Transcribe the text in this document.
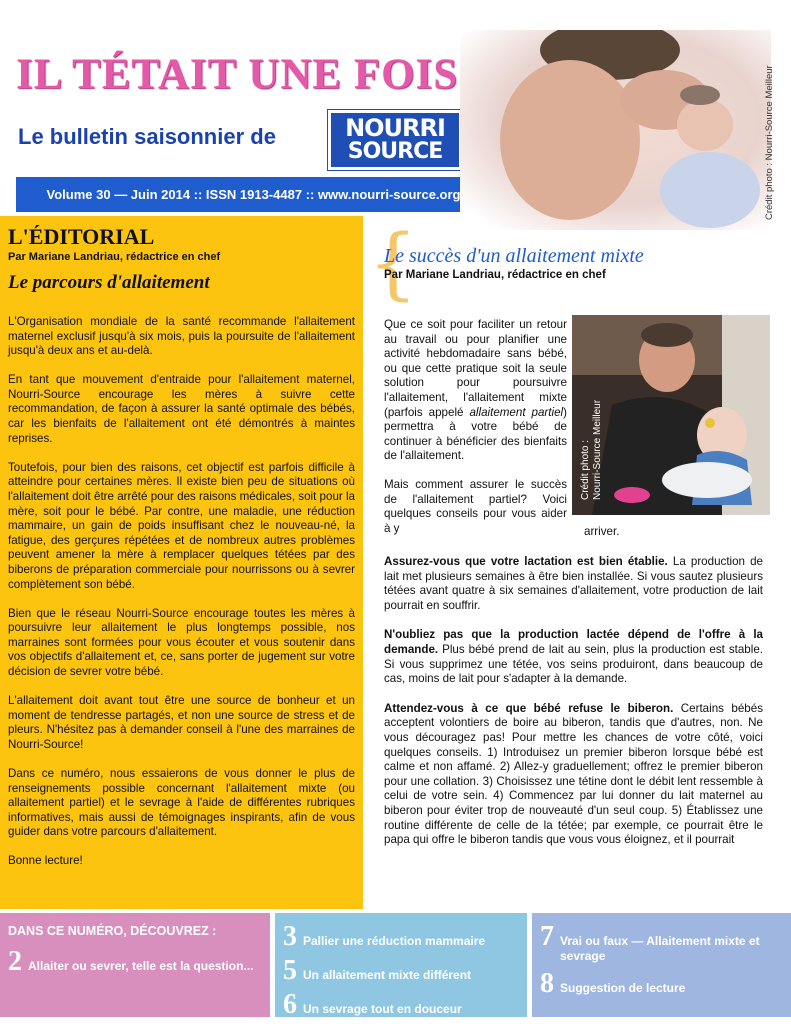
IL TÉTAIT UNE FOIS
Le bulletin saisonnier de	NOURRI
SOURCE
Volume 30 — Juin 2014 :: ISSN 1913-4487 :: www.nourri-source.org	Crédit photo : Nourri-Source Meilleur
L'ÉDITORIAL
Par Mariane Landriau, rédactrice en chef
Le parcours d'allaitement

L'Organisation mondiale de la santé recommande l'allaitement maternel exclusif jusqu'à six mois, puis la poursuite de l'allaitement jusqu'à deux ans et au-delà.

En tant que mouvement d'entraide pour l'allaitement maternel, Nourri-Source encourage les mères à suivre cette recommandation, de façon à assurer la santé optimale des bébés, car les bienfaits de l'allaitement ont été démontrés à maintes reprises.

Toutefois, pour bien des raisons, cet objectif est parfois difficile à atteindre pour certaines mères. Il existe bien peu de situations où l'allaitement doit être arrêté pour des raisons médicales, soit pour la mère, soit pour le bébé. Par contre, une maladie, une réduction mammaire, un gain de poids insuffisant chez le nouveau-né, la fatigue, des gerçures répétées et de nombreux autres problèmes peuvent amener la mère à remplacer quelques tétées par des biberons de préparation commerciale pour nourrissons ou à sevrer complètement son bébé.

Bien que le réseau Nourri-Source encourage toutes les mères à poursuivre leur allaitement le plus longtemps possible, nos marraines sont formées pour vous écouter et vous soutenir dans vos objectifs d'allaitement et, ce, sans porter de jugement sur votre décision de sevrer votre bébé.

L'allaitement doit avant tout être une source de bonheur et un moment de tendresse partagés, et non une source de stress et de pleurs. N'hésitez pas à demander conseil à l'une des marraines de Nourri-Source!

Dans ce numéro, nous essaierons de vous donner le plus de renseignements possible concernant l'allaitement mixte (ou allaitement partiel) et le sevrage à l'aide de différentes rubriques informatives, mais aussi de témoignages inspirants, afin de vous guider dans votre parcours d'allaitement.

Bonne lecture!

{
Le succès d'un allaitement mixte
Par Mariane Landriau, rédactrice en chef

Que ce soit pour faciliter un retour au travail ou pour planifier une activité hebdomadaire sans bébé, ou que cette pratique soit la seule solution pour poursuivre l'allaitement, l'allaitement mixte (parfois appelé allaitement partiel) permettra à votre bébé de continuer à bénéficier des bienfaits de l'allaitement.

Mais comment assurer le succès de l'allaitement partiel? Voici quelques conseils pour vous aider à y	arriver.
Crédit photo : Nourri-Source Meilleur

Assurez-vous que votre lactation est bien établie. La production de lait met plusieurs semaines à être bien installée. Si vous sautez plusieurs tétées avant quatre à six semaines d'allaitement, votre production de lait pourrait en souffrir.

N'oubliez pas que la production lactée dépend de l'offre à la demande. Plus bébé prend de lait au sein, plus la production est stable. Si vous supprimez une tétée, vos seins produiront, dans beaucoup de cas, moins de lait pour s'adapter à la demande.

Attendez-vous à ce que bébé refuse le biberon. Certains bébés acceptent volontiers de boire au biberon, tandis que d'autres, non. Ne vous découragez pas! Pour mettre les chances de votre côté, voici quelques conseils. 1) Introduisez un premier biberon lorsque bébé est calme et non affamé. 2) Allez-y graduellement; offrez le premier biberon pour une collation. 3) Choisissez une tétine dont le débit lent ressemble à celui de votre sein. 4) Commencez par lui donner du lait maternel au biberon pour éviter trop de nouveauté d'un seul coup. 5) Établissez une routine différente de celle de la tétée; par exemple, ce pourrait être le papa qui offre le biberon tandis que vous vous éloignez, et il pourrait

DANS CE NUMÉRO, DÉCOUVREZ :
2 Allaiter ou sevrer, telle est la question...
3 Pallier une réduction mammaire
5 Un allaitement mixte différent
6 Un sevrage tout en douceur
7 Vrai ou faux — Allaitement mixte et sevrage
8 Suggestion de lecture
